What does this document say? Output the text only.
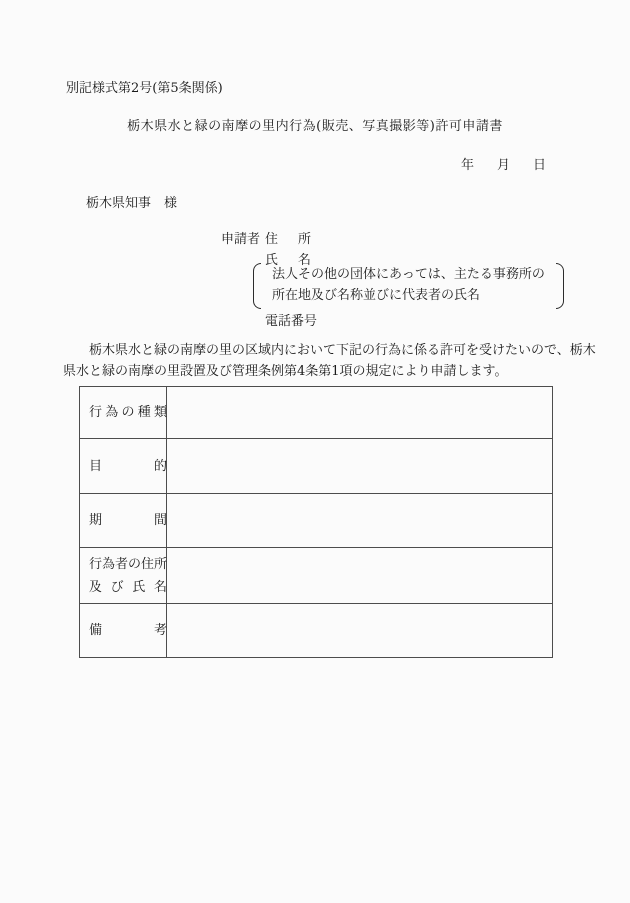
別記様式第2号(第5条関係)
栃木県水と緑の南摩の里内行為(販売、写真撮影等)許可申請書
年 月 日
栃木県知事　様
申請者 住所
氏名
法人その他の団体にあっては、主たる事務所の
所在地及び名称並びに代表者の氏名
電話番号
栃木県水と緑の南摩の里の区域内において下記の行為に係る許可を受けたいので、栃木
県水と緑の南摩の里設置及び管理条例第4条第1項の規定により申請します。
行為の種類
目的
期間
行為者の住所
及び氏名
備考
